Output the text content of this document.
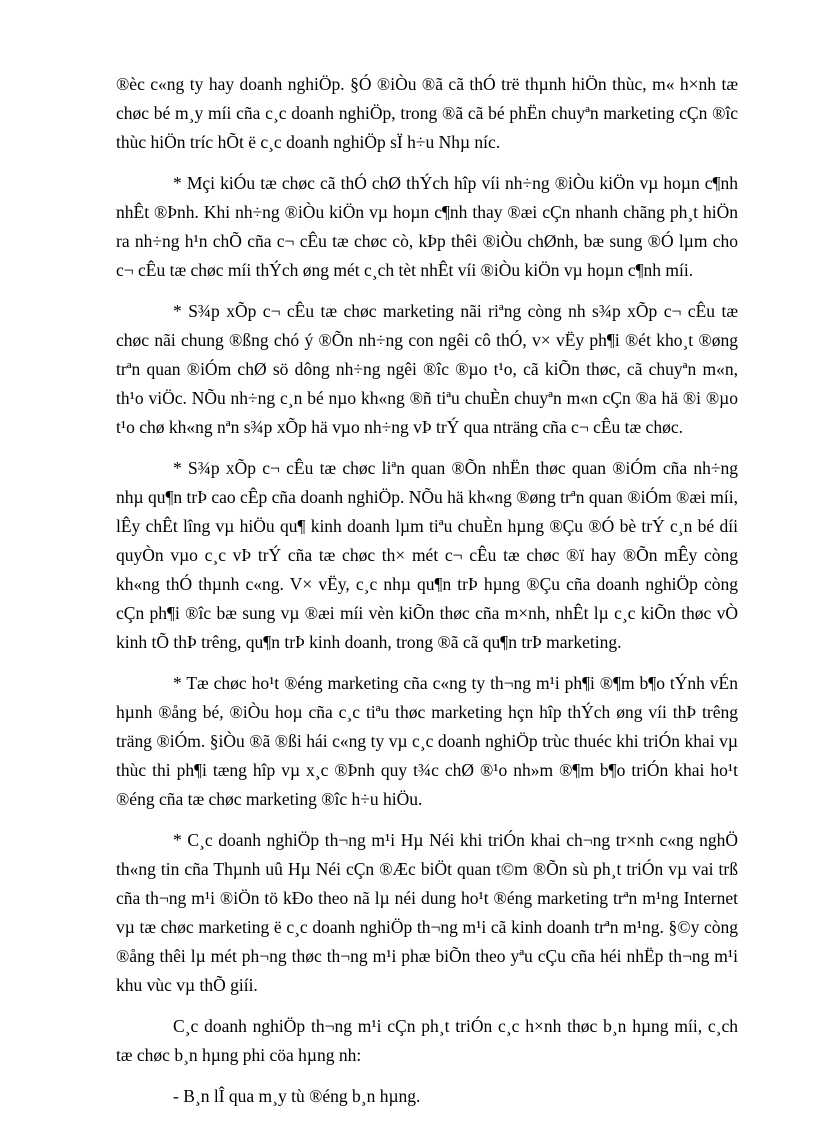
®èc c«ng ty hay doanh nghiÖp. §Ó ®iÒu ®ã cã thÓ trë thµnh hiÖn thùc, m« h×nh tæ chøc bé m¸y míi cña c¸c doanh nghiÖp, trong ®ã cã bé phËn chuyªn marketing cÇn ®îc thùc hiÖn tríc hÕt ë c¸c doanh nghiÖp sÏ h÷u Nhµ níc.

* Mçi kiÓu tæ chøc cã thÓ chØ thÝch hîp víi nh÷ng ®iÒu kiÖn vµ hoµn c¶nh nhÊt ®Þnh. Khi nh÷ng ®iÒu kiÖn vµ hoµn c¶nh thay ®æi cÇn nhanh chãng ph¸t hiÖn ra nh÷ng h¹n chÕ cña c¬ cÊu tæ chøc cò, kÞp thêi ®iÒu chØnh, bæ sung ®Ó lµm cho c¬ cÊu tæ chøc míi thÝch øng mét c¸ch tèt nhÊt víi ®iÒu kiÖn vµ hoµn c¶nh míi.

* S¾p xÕp c¬ cÊu tæ chøc marketing nãi riªng còng nh s¾p xÕp c¬ cÊu tæ chøc nãi chung ®ßng chó ý ®Õn nh÷ng con ngêi cô thÓ, v× vËy ph¶i ®ét kho¸t ®øng trªn quan ®iÓm chØ sö dông nh÷ng ngêi ®îc ®µo t¹o, cã kiÕn thøc, cã chuyªn m«n, th¹o viÖc. NÕu nh÷ng c¸n bé nµo kh«ng ®ñ tiªu chuÈn chuyªn m«n cÇn ®a hä ®i ®µo t¹o chø kh«ng nªn s¾p xÕp hä vµo nh÷ng vÞ trÝ qua nträng cña c¬ cÊu tæ chøc.

* S¾p xÕp c¬ cÊu tæ chøc liªn quan ®Õn nhËn thøc quan ®iÓm cña nh÷ng nhµ qu¶n trÞ cao cÊp cña doanh nghiÖp. NÕu hä kh«ng ®øng trªn quan ®iÓm ®æi míi, lÊy chÊt lîng vµ hiÖu qu¶ kinh doanh lµm tiªu chuÈn hµng ®Çu ®Ó bè trÝ c¸n bé díi quyÒn vµo c¸c vÞ trÝ cña tæ chøc th× mét c¬ cÊu tæ chøc ®ï hay ®Õn mÊy còng kh«ng thÓ thµnh c«ng. V× vËy, c¸c nhµ qu¶n trÞ hµng ®Çu cña doanh nghiÖp còng cÇn ph¶i ®îc bæ sung vµ ®æi míi vèn kiÕn thøc cña m×nh, nhÊt lµ c¸c kiÕn thøc vÒ kinh tÕ thÞ trêng, qu¶n trÞ kinh doanh, trong ®ã cã qu¶n trÞ marketing.

* Tæ chøc ho¹t ®éng marketing cña c«ng ty th¬ng m¹i ph¶i ®¶m b¶o tÝnh vÉn hµnh ®ång bé, ®iÒu hoµ cña c¸c tiªu thøc marketing hçn hîp thÝch øng víi thÞ trêng träng ®iÓm. §iÒu ®ã ®ßi hái c«ng ty vµ c¸c doanh nghiÖp trùc thuéc khi triÓn khai vµ thùc thi ph¶i tæng hîp vµ x¸c ®Þnh quy t¾c chØ ®¹o nh»m ®¶m b¶o triÓn khai ho¹t ®éng cña tæ chøc marketing ®îc h÷u hiÖu.

* C¸c doanh nghiÖp th¬ng m¹i Hµ Néi khi triÓn khai ch¬ng tr×nh c«ng nghÖ th«ng tin cña Thµnh uû Hµ Néi cÇn ®Æc biÖt quan t©m ®Õn sù ph¸t triÓn vµ vai trß cña th¬ng m¹i ®iÖn tö kÐo theo nã lµ néi dung ho¹t ®éng marketing trªn m¹ng Internet vµ tæ chøc marketing ë c¸c doanh nghiÖp th¬ng m¹i cã kinh doanh trªn m¹ng. §©y còng ®ång thêi lµ mét ph¬ng thøc th¬ng m¹i phæ biÕn theo yªu cÇu cña héi nhËp th¬ng m¹i khu vùc vµ thÕ giíi.

C¸c doanh nghiÖp th¬ng m¹i cÇn ph¸t triÓn c¸c h×nh thøc b¸n hµng míi, c¸ch tæ chøc b¸n hµng phi cöa hµng nh:

- B¸n lÎ qua m¸y tù ®éng b¸n hµng.
